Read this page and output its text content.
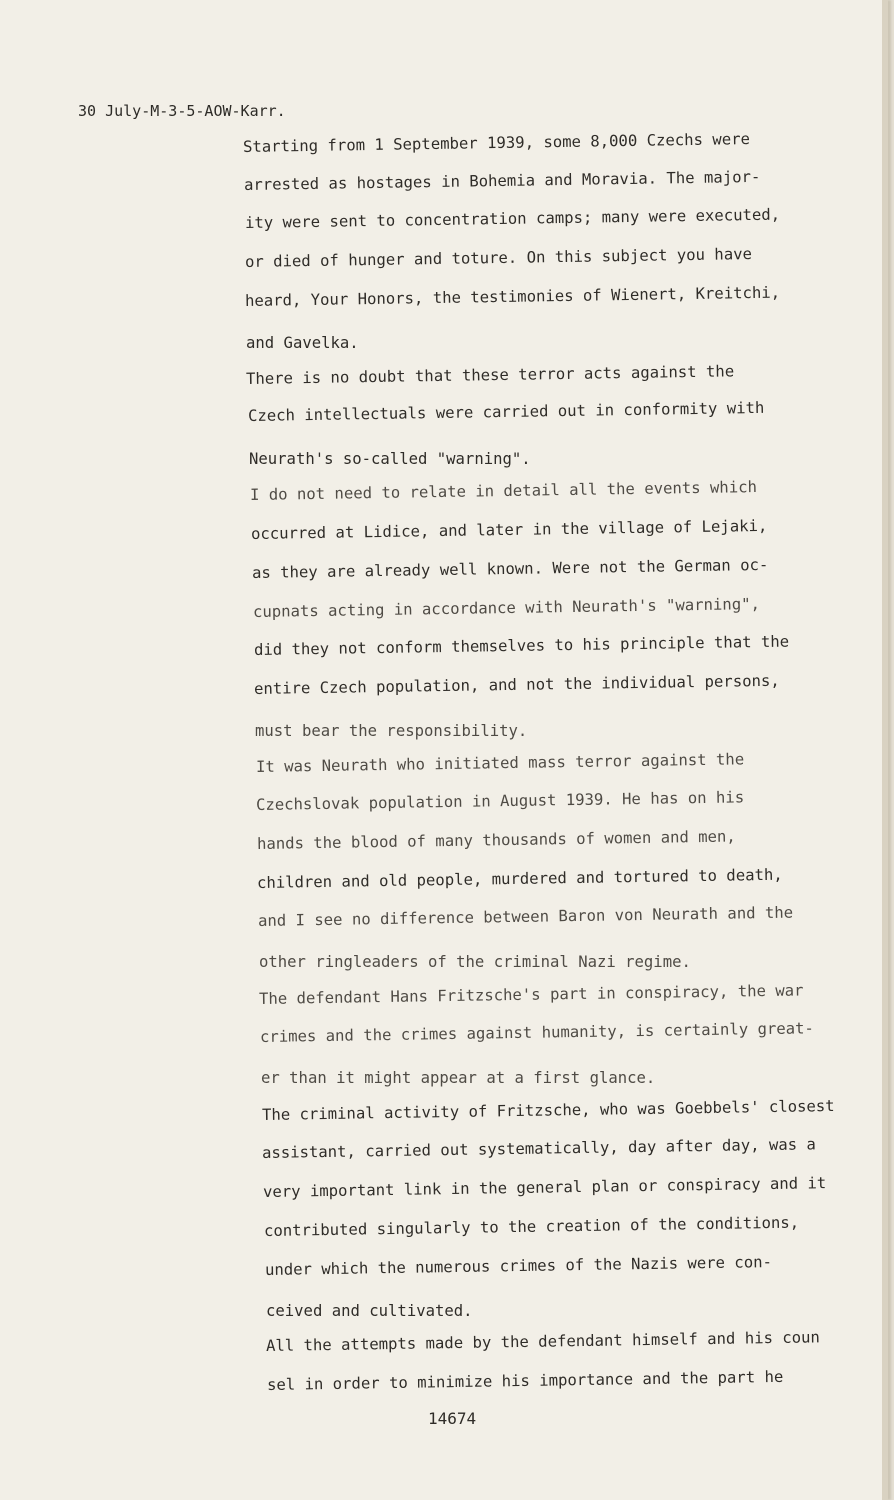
30 July-M-3-5-AOW-Karr.
Starting from 1 September 1939, some 8,000 Czechs were
arrested as hostages in Bohemia and Moravia. The major-
ity were sent to concentration camps; many were executed,
or died of hunger and toture. On this subject you have
heard, Your Honors, the testimonies of Wienert, Kreitchi,
and Gavelka.
There is no doubt that these terror acts against the
Czech intellectuals were carried out in conformity with
Neurath's so-called "warning".
I do not need to relate in detail all the events which
occurred at Lidice, and later in the village of Lejaki,
as they are already well known. Were not the German oc-
cupnats acting in accordance with Neurath's "warning",
did they not conform themselves to his principle that the
entire Czech population, and not the individual persons,
must bear the responsibility.
It was Neurath who initiated mass terror against the
Czechslovak population in August 1939. He has on his
hands the blood of many thousands of women and men,
children and old people, murdered and tortured to death,
and I see no difference between Baron von Neurath and the
other ringleaders of the criminal Nazi regime.
The defendant Hans Fritzsche's part in conspiracy, the war
crimes and the crimes against humanity, is certainly great-
er than it might appear at a first glance.
The criminal activity of Fritzsche, who was Goebbels' closest
assistant, carried out systematically, day after day, was a
very important link in the general plan or conspiracy and it
contributed singularly to the creation of the conditions,
under which the numerous crimes of the Nazis were con-
ceived and cultivated.
All the attempts made by the defendant himself and his coun
sel in order to minimize his importance and the part he
14674
